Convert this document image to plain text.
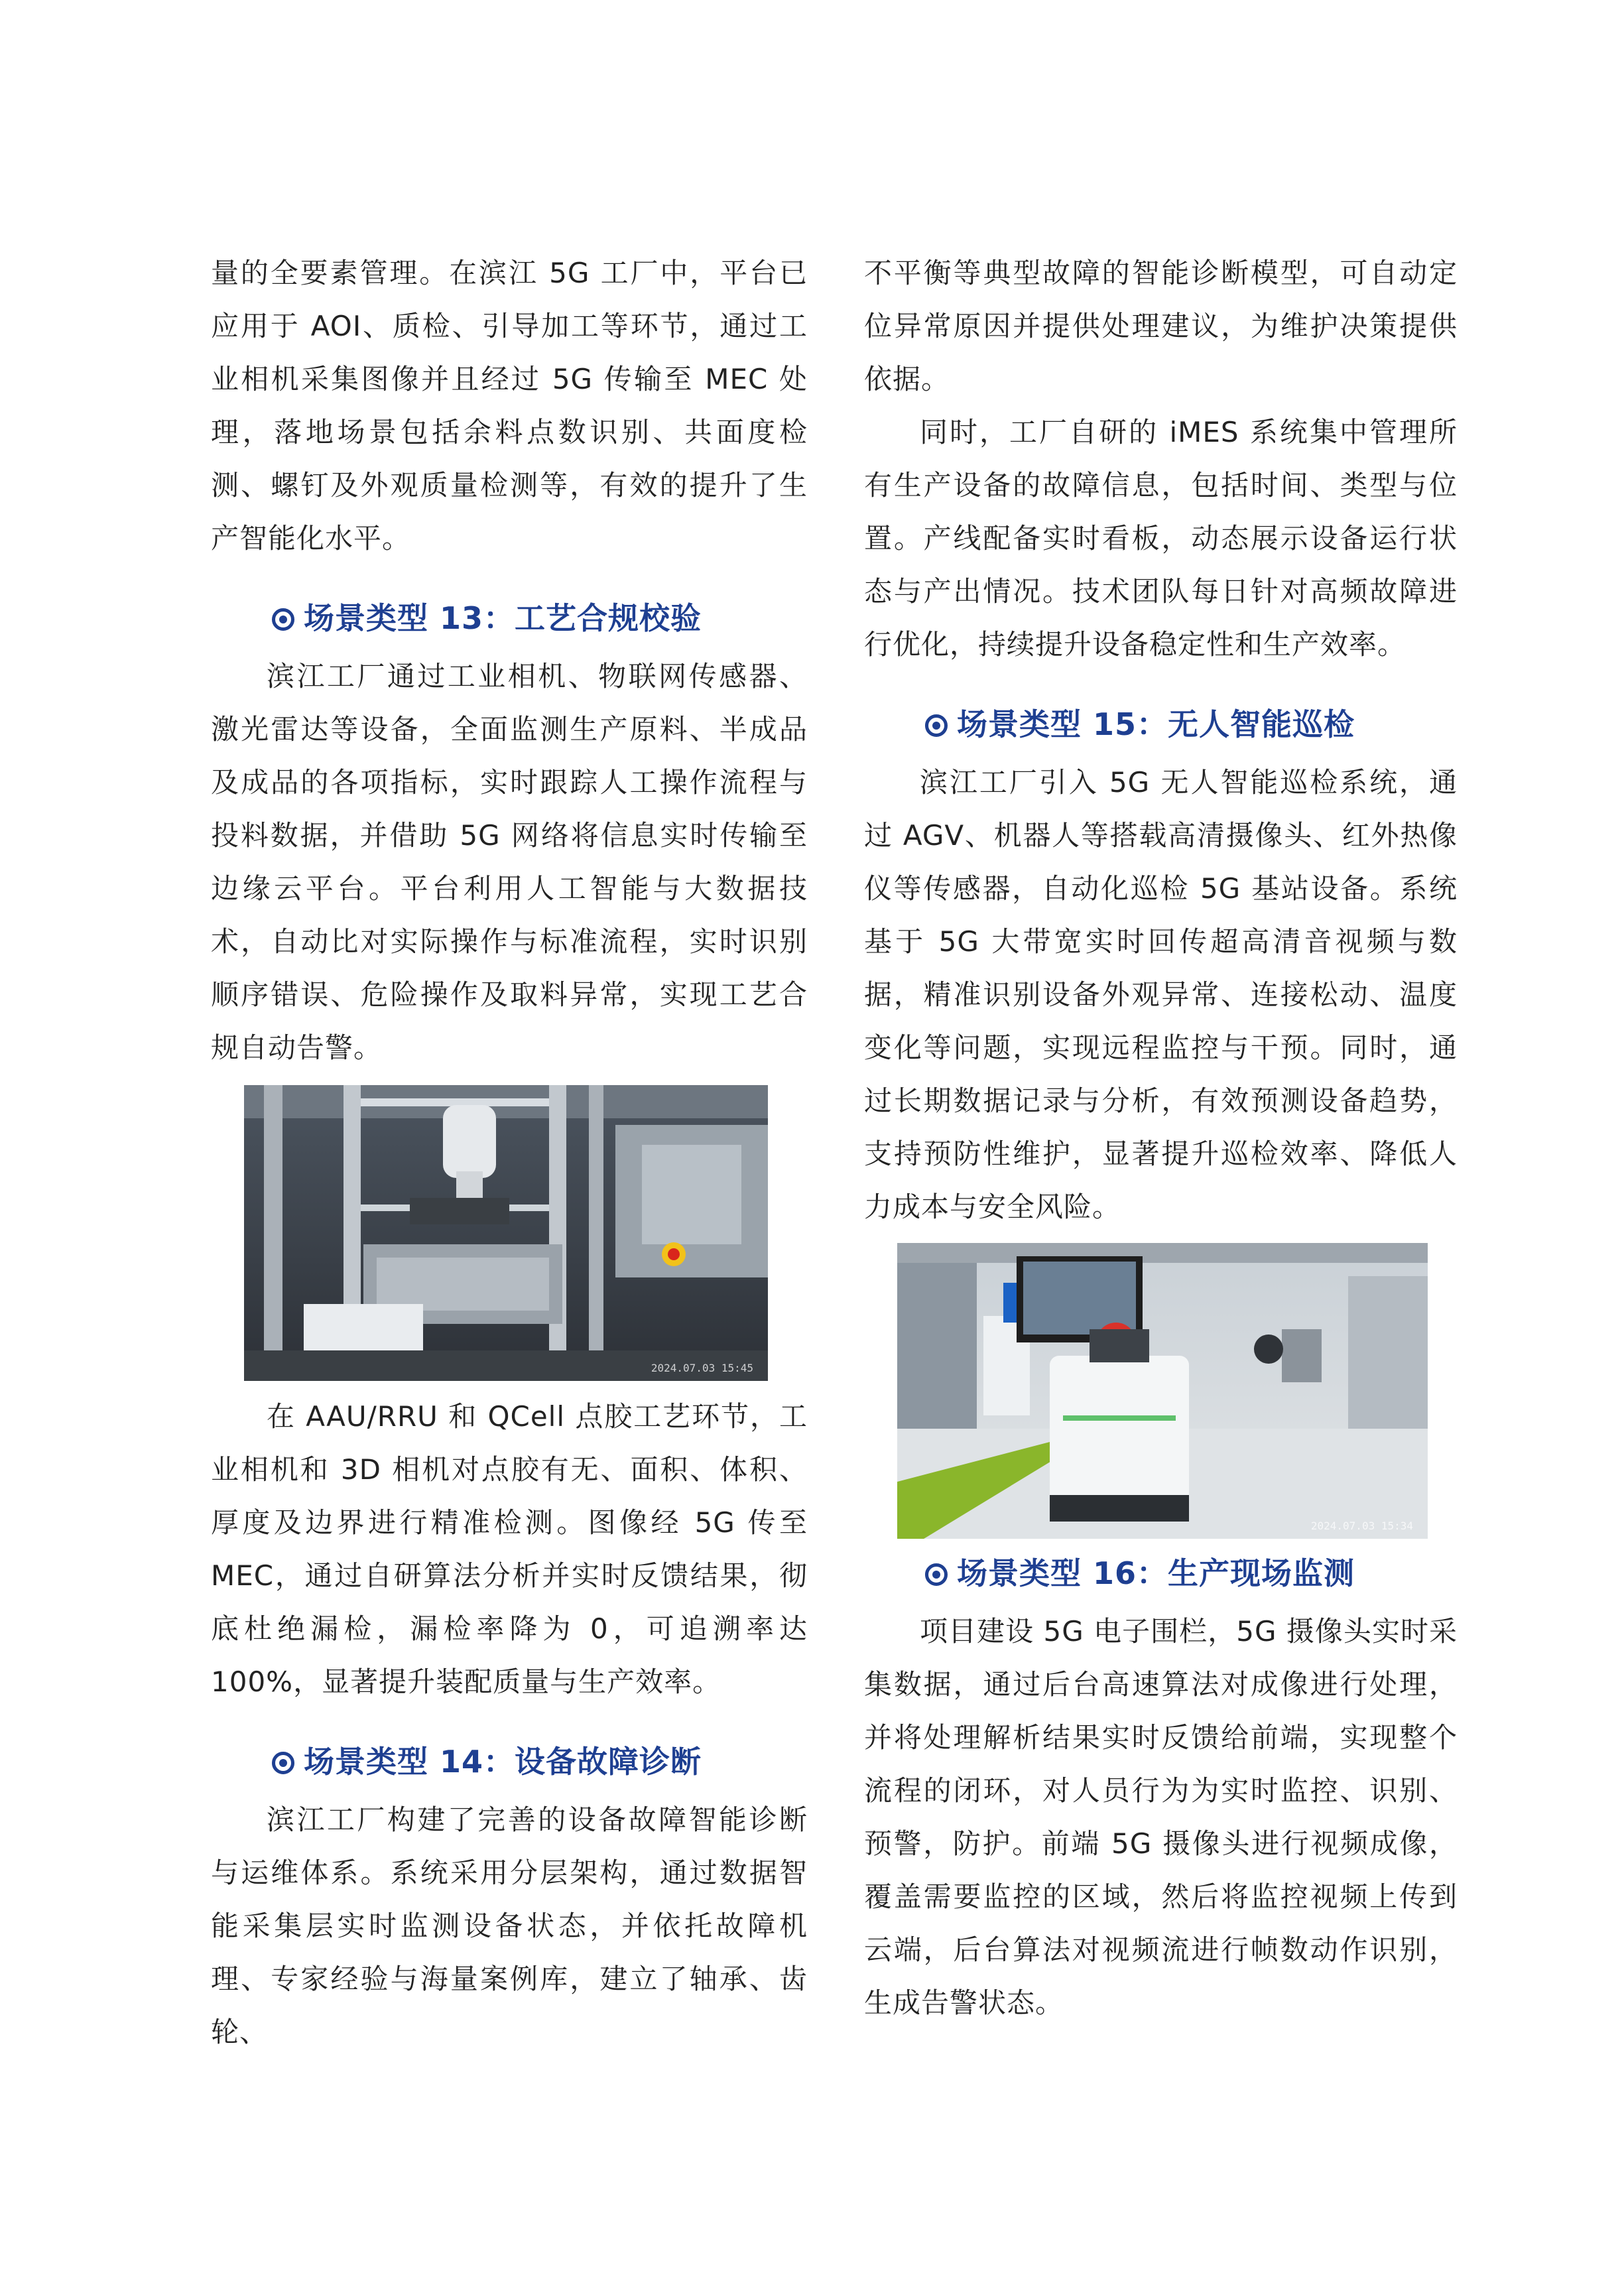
量的全要素管理。在滨江 5G 工厂中，平台已应用于 AOI、质检、引导加工等环节，通过工业相机采集图像并且经过 5G 传输至 MEC 处理，落地场景包括余料点数识别、共面度检测、螺钉及外观质量检测等，有效的提升了生产智能化水平。

场景类型 13：工艺合规校验

滨江工厂通过工业相机、物联网传感器、激光雷达等设备，全面监测生产原料、半成品及成品的各项指标，实时跟踪人工操作流程与投料数据，并借助 5G 网络将信息实时传输至边缘云平台。平台利用人工智能与大数据技术，自动比对实际操作与标准流程，实时识别顺序错误、危险操作及取料异常，实现工艺合规自动告警。

2024.07.03 15:45

在 AAU/RRU 和 QCell 点胶工艺环节，工业相机和 3D 相机对点胶有无、面积、体积、厚度及边界进行精准检测。图像经 5G 传至 MEC，通过自研算法分析并实时反馈结果，彻底杜绝漏检，漏检率降为 0，可追溯率达 100%，显著提升装配质量与生产效率。

场景类型 14：设备故障诊断

滨江工厂构建了完善的设备故障智能诊断与运维体系。系统采用分层架构，通过数据智能采集层实时监测设备状态，并依托故障机理、专家经验与海量案例库，建立了轴承、齿轮、

不平衡等典型故障的智能诊断模型，可自动定位异常原因并提供处理建议，为维护决策提供依据。

同时，工厂自研的 iMES 系统集中管理所有生产设备的故障信息，包括时间、类型与位置。产线配备实时看板，动态展示设备运行状态与产出情况。技术团队每日针对高频故障进行优化，持续提升设备稳定性和生产效率。

场景类型 15：无人智能巡检

滨江工厂引入 5G 无人智能巡检系统，通过 AGV、机器人等搭载高清摄像头、红外热像仪等传感器，自动化巡检 5G 基站设备。系统基于 5G 大带宽实时回传超高清音视频与数据，精准识别设备外观异常、连接松动、温度变化等问题，实现远程监控与干预。同时，通过长期数据记录与分析，有效预测设备趋势，支持预防性维护，显著提升巡检效率、降低人力成本与安全风险。

2024.07.03 15:34
场景类型 16：生产现场监测

项目建设 5G 电子围栏，5G 摄像头实时采集数据，通过后台高速算法对成像进行处理，并将处理解析结果实时反馈给前端，实现整个流程的闭环，对人员行为为实时监控、识别、预警，防护。前端 5G 摄像头进行视频成像，覆盖需要监控的区域，然后将监控视频上传到云端，后台算法对视频流进行帧数动作识别，生成告警状态。
